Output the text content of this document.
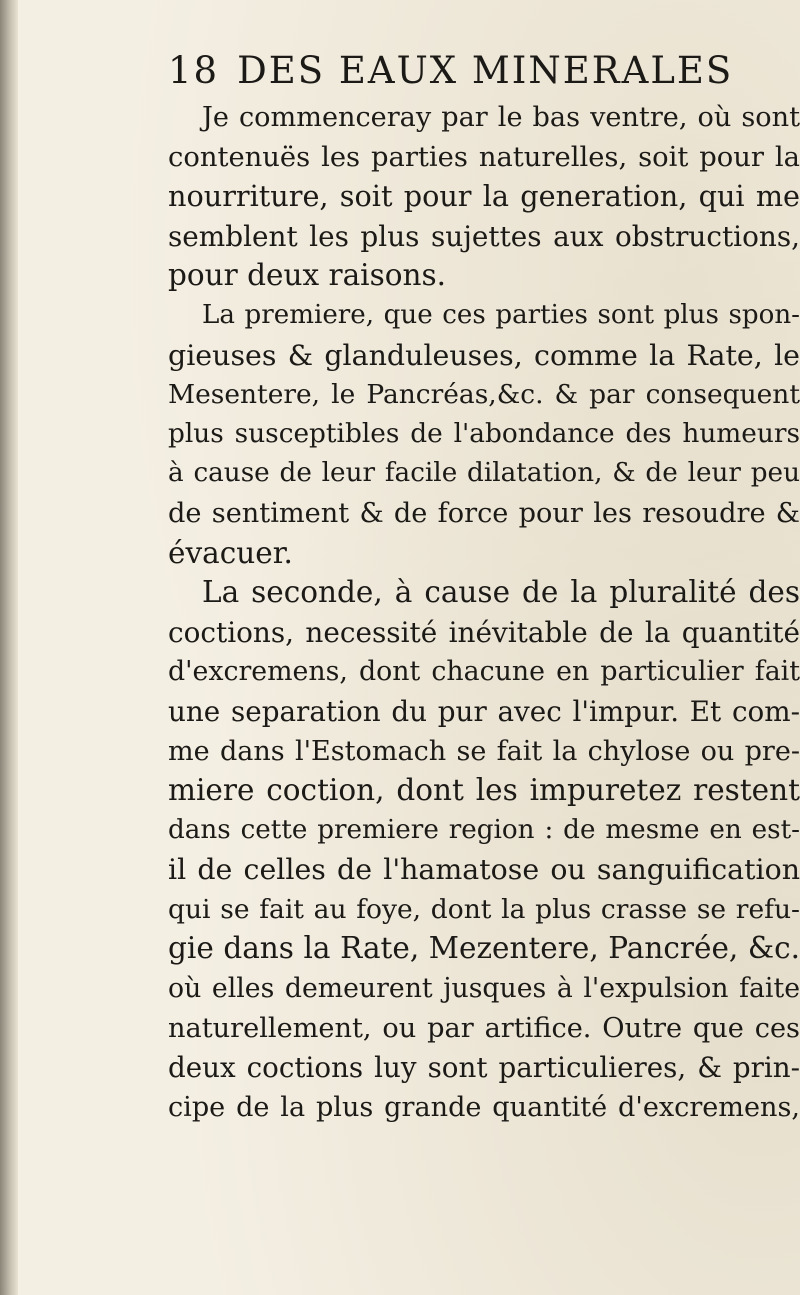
18 DES EAUX MINERALES
Je commenceray par le bas ventre, où sont
contenuës les parties naturelles, soit pour la
nourriture, soit pour la generation, qui me
semblent les plus sujettes aux obstructions,
pour deux raisons.
La premiere, que ces parties sont plus spon-
gieuses & glanduleuses, comme la Rate, le
Mesentere, le Pancréas,&c. & par consequent
plus susceptibles de l'abondance des humeurs
à cause de leur facile dilatation, & de leur peu
de sentiment & de force pour les resoudre &
évacuer.
La seconde, à cause de la pluralité des
coctions, necessité inévitable de la quantité
d'excremens, dont chacune en particulier fait
une separation du pur avec l'impur. Et com-
me dans l'Estomach se fait la chylose ou pre-
miere coction, dont les impuretez restent
dans cette premiere region : de mesme en est-
il de celles de l'hamatose ou sanguification
qui se fait au foye, dont la plus crasse se refu-
gie dans la Rate, Mezentere, Pancrée, &c.
où elles demeurent jusques à l'expulsion faite
naturellement, ou par artifice. Outre que ces
deux coctions luy sont particulieres, & prin-
cipe de la plus grande quantité d'excremens,
